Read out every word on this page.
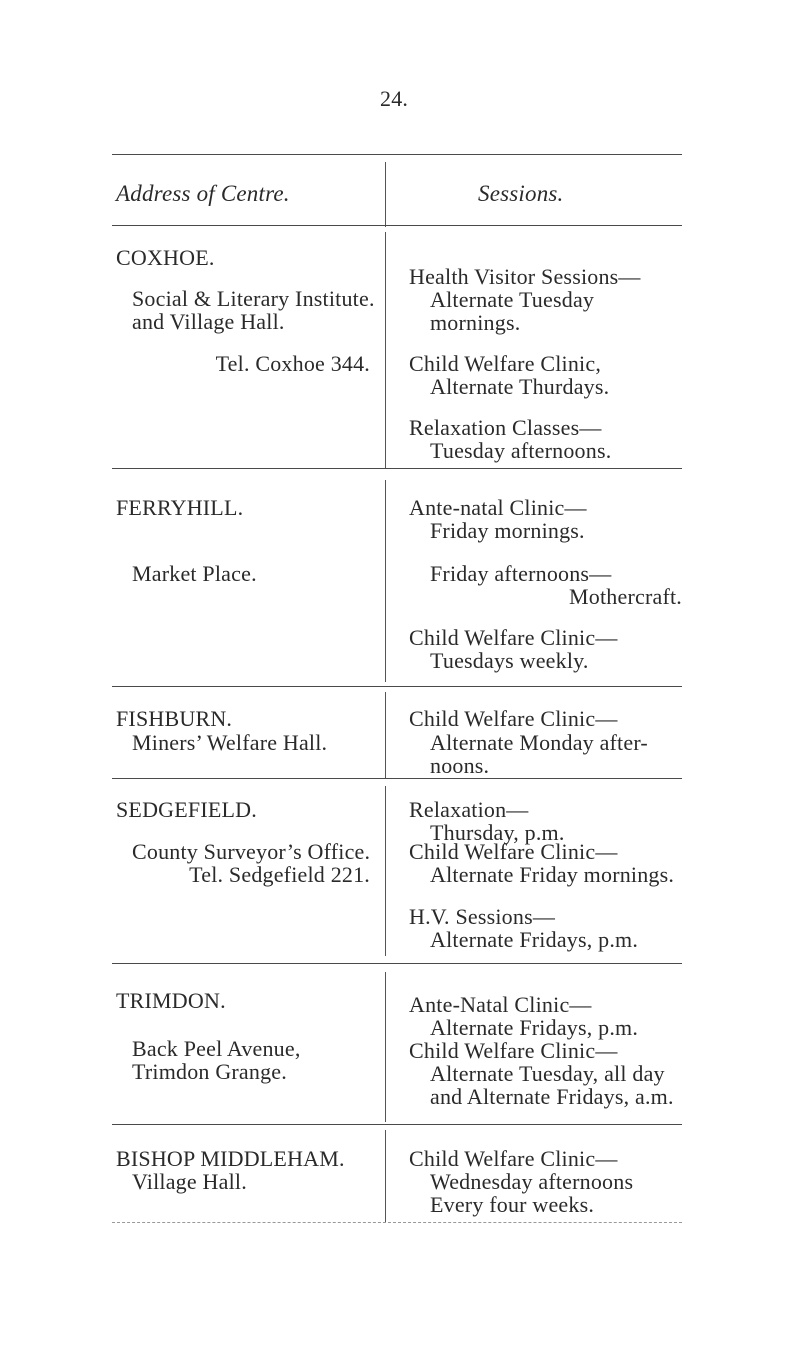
24.
Address of Centre.	Sessions.
COXHOE.
Social & Literary Institute.
and Village Hall.
Tel. Coxhoe 344.
Health Visitor Sessions—
Alternate Tuesday
mornings.
Child Welfare Clinic,
Alternate Thurdays.
Relaxation Classes—
Tuesday afternoons.
FERRYHILL.
Market Place.
Ante-natal Clinic—
Friday mornings.
Friday afternoons—
Mothercraft.
Child Welfare Clinic—
Tuesdays weekly.
FISHBURN.
Miners’ Welfare Hall.
Child Welfare Clinic—
Alternate Monday after-
noons.
SEDGEFIELD.
County Surveyor’s Office.
Tel. Sedgefield 221.
Relaxation—
Thursday, p.m.
Child Welfare Clinic—
Alternate Friday mornings.
H.V. Sessions—
Alternate Fridays, p.m.
TRIMDON.
Back Peel Avenue,
Trimdon Grange.
Ante-Natal Clinic—
Alternate Fridays, p.m.
Child Welfare Clinic—
Alternate Tuesday, all day
and Alternate Fridays, a.m.
BISHOP MIDDLEHAM.
Village Hall.
Child Welfare Clinic—
Wednesday afternoons
Every four weeks.
